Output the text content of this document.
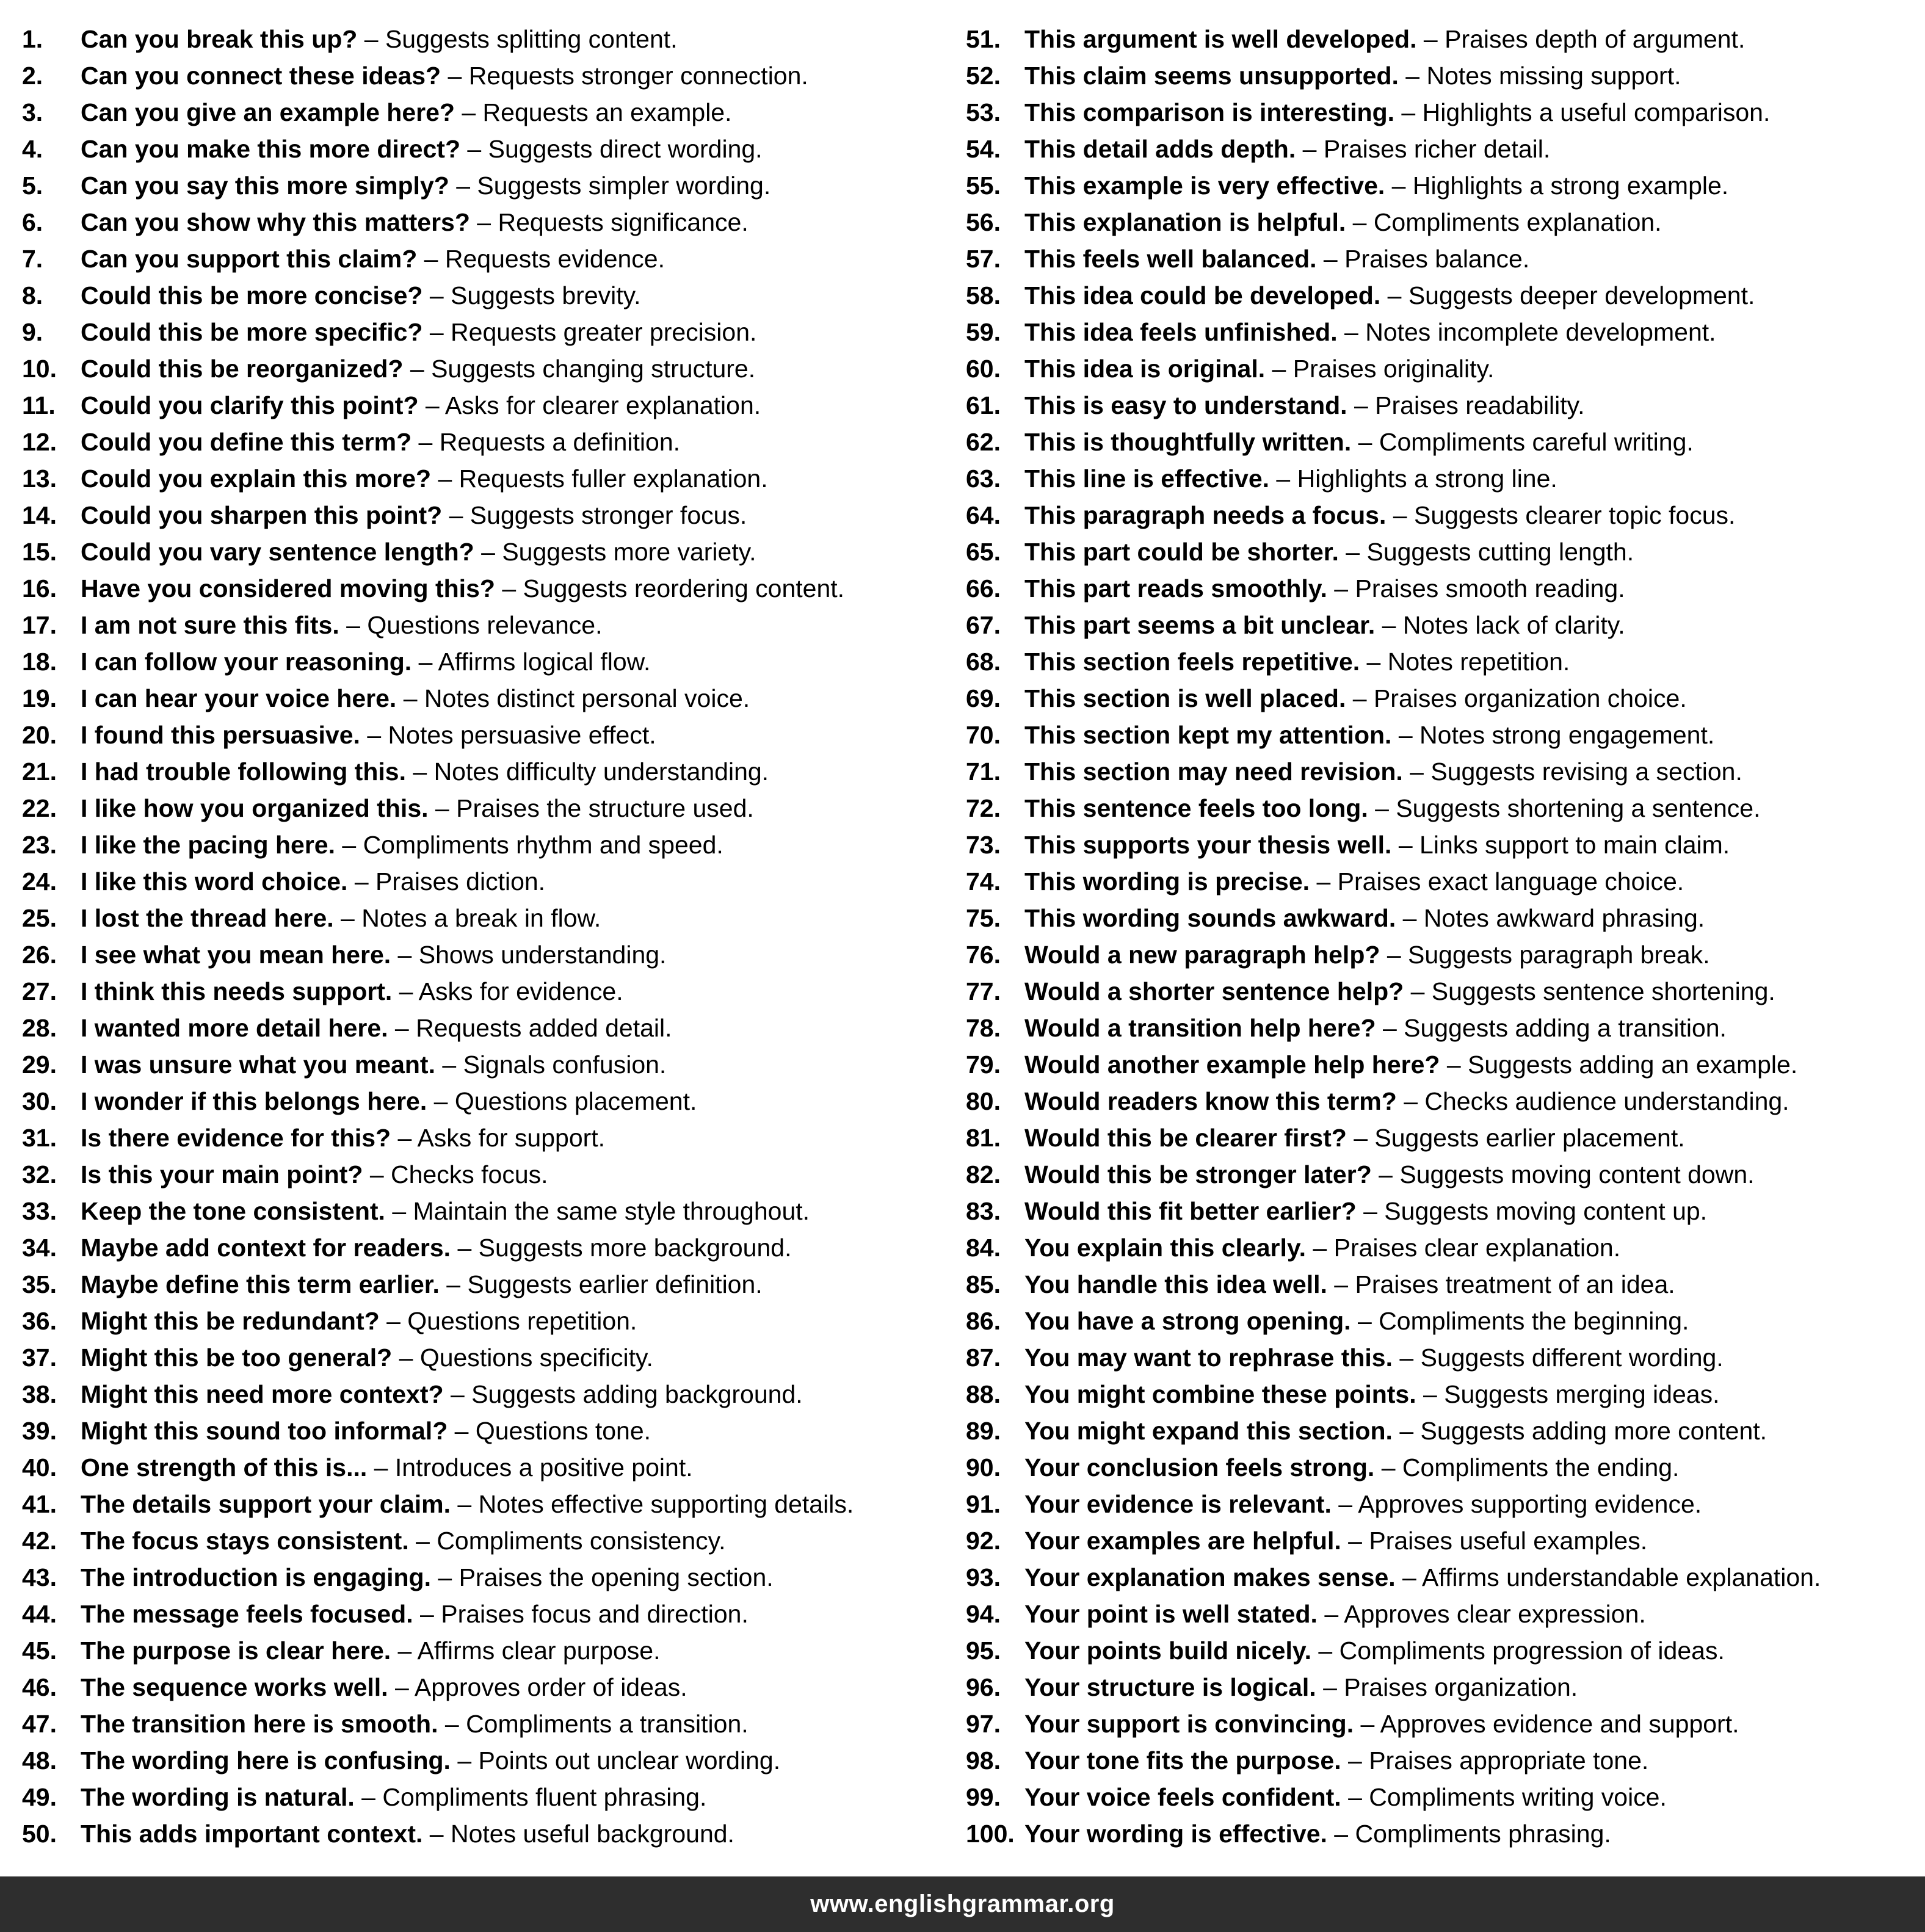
1.	Can you break this up? – Suggests splitting content.
2.	Can you connect these ideas? – Requests stronger connection.
3.	Can you give an example here? – Requests an example.
4.	Can you make this more direct? – Suggests direct wording.
5.	Can you say this more simply? – Suggests simpler wording.
6.	Can you show why this matters? – Requests significance.
7.	Can you support this claim? – Requests evidence.
8.	Could this be more concise? – Suggests brevity.
9.	Could this be more specific? – Requests greater precision.
10. Could this be reorganized? – Suggests changing structure.
11.	Could you clarify this point? – Asks for clearer explanation.
12. Could you define this term? – Requests a definition.
13. Could you explain this more? – Requests fuller explanation.
14. Could you sharpen this point? – Suggests stronger focus.
15. Could you vary sentence length? – Suggests more variety.
16. Have you considered moving this? – Suggests reordering content.
17. I am not sure this fits. – Questions relevance.
18. I can follow your reasoning. – Affirms logical flow.
19. I can hear your voice here. – Notes distinct personal voice.
20. I found this persuasive. – Notes persuasive effect.
21. I had trouble following this. – Notes difficulty understanding.
22. I like how you organized this. – Praises the structure used.
23. I like the pacing here. – Compliments rhythm and speed.
24. I like this word choice. – Praises diction.
25. I lost the thread here. – Notes a break in flow.
26. I see what you mean here. – Shows understanding.
27. I think this needs support. – Asks for evidence.
28. I wanted more detail here. – Requests added detail.
29. I was unsure what you meant. – Signals confusion.
30. I wonder if this belongs here. – Questions placement.
31. Is there evidence for this? – Asks for support.
32. Is this your main point? – Checks focus.
33. Keep the tone consistent. – Maintain the same style throughout.
34. Maybe add context for readers. – Suggests more background.
35. Maybe define this term earlier. – Suggests earlier definition.
36. Might this be redundant? – Questions repetition.
37. Might this be too general? – Questions specificity.
38. Might this need more context? – Suggests adding background.
39. Might this sound too informal? – Questions tone.
40. One strength of this is... – Introduces a positive point.
41. The details support your claim. – Notes effective supporting details.
42. The focus stays consistent. – Compliments consistency.
43. The introduction is engaging. – Praises the opening section.
44. The message feels focused. – Praises focus and direction.
45. The purpose is clear here. – Affirms clear purpose.
46. The sequence works well. – Approves order of ideas.
47. The transition here is smooth. – Compliments a transition.
48. The wording here is confusing. – Points out unclear wording.
49. The wording is natural. – Compliments fluent phrasing.
50. This adds important context. – Notes useful background.
51. This argument is well developed. – Praises depth of argument.
52. This claim seems unsupported. – Notes missing support.
53. This comparison is interesting. – Highlights a useful comparison.
54. This detail adds depth. – Praises richer detail.
55. This example is very effective. – Highlights a strong example.
56. This explanation is helpful. – Compliments explanation.
57. This feels well balanced. – Praises balance.
58. This idea could be developed. – Suggests deeper development.
59. This idea feels unfinished. – Notes incomplete development.
60. This idea is original. – Praises originality.
61. This is easy to understand. – Praises readability.
62. This is thoughtfully written. – Compliments careful writing.
63. This line is effective. – Highlights a strong line.
64. This paragraph needs a focus. – Suggests clearer topic focus.
65. This part could be shorter. – Suggests cutting length.
66. This part reads smoothly. – Praises smooth reading.
67. This part seems a bit unclear. – Notes lack of clarity.
68. This section feels repetitive. – Notes repetition.
69. This section is well placed. – Praises organization choice.
70. This section kept my attention. – Notes strong engagement.
71. This section may need revision. – Suggests revising a section.
72. This sentence feels too long. – Suggests shortening a sentence.
73. This supports your thesis well. – Links support to main claim.
74. This wording is precise. – Praises exact language choice.
75. This wording sounds awkward. – Notes awkward phrasing.
76. Would a new paragraph help? – Suggests paragraph break.
77. Would a shorter sentence help? – Suggests sentence shortening.
78. Would a transition help here? – Suggests adding a transition.
79. Would another example help here? – Suggests adding an example.
80. Would readers know this term? – Checks audience understanding.
81. Would this be clearer first? – Suggests earlier placement.
82. Would this be stronger later? – Suggests moving content down.
83. Would this fit better earlier? – Suggests moving content up.
84. You explain this clearly. – Praises clear explanation.
85. You handle this idea well. – Praises treatment of an idea.
86. You have a strong opening. – Compliments the beginning.
87. You may want to rephrase this. – Suggests different wording.
88. You might combine these points. – Suggests merging ideas.
89. You might expand this section. – Suggests adding more content.
90. Your conclusion feels strong. – Compliments the ending.
91. Your evidence is relevant. – Approves supporting evidence.
92. Your examples are helpful. – Praises useful examples.
93. Your explanation makes sense. – Affirms understandable explanation.
94. Your point is well stated. – Approves clear expression.
95. Your points build nicely. – Compliments progression of ideas.
96. Your structure is logical. – Praises organization.
97. Your support is convincing. – Approves evidence and support.
98. Your tone fits the purpose. – Praises appropriate tone.
99. Your voice feels confident. – Compliments writing voice.
100. Your wording is effective. – Compliments phrasing.
www.englishgrammar.org
